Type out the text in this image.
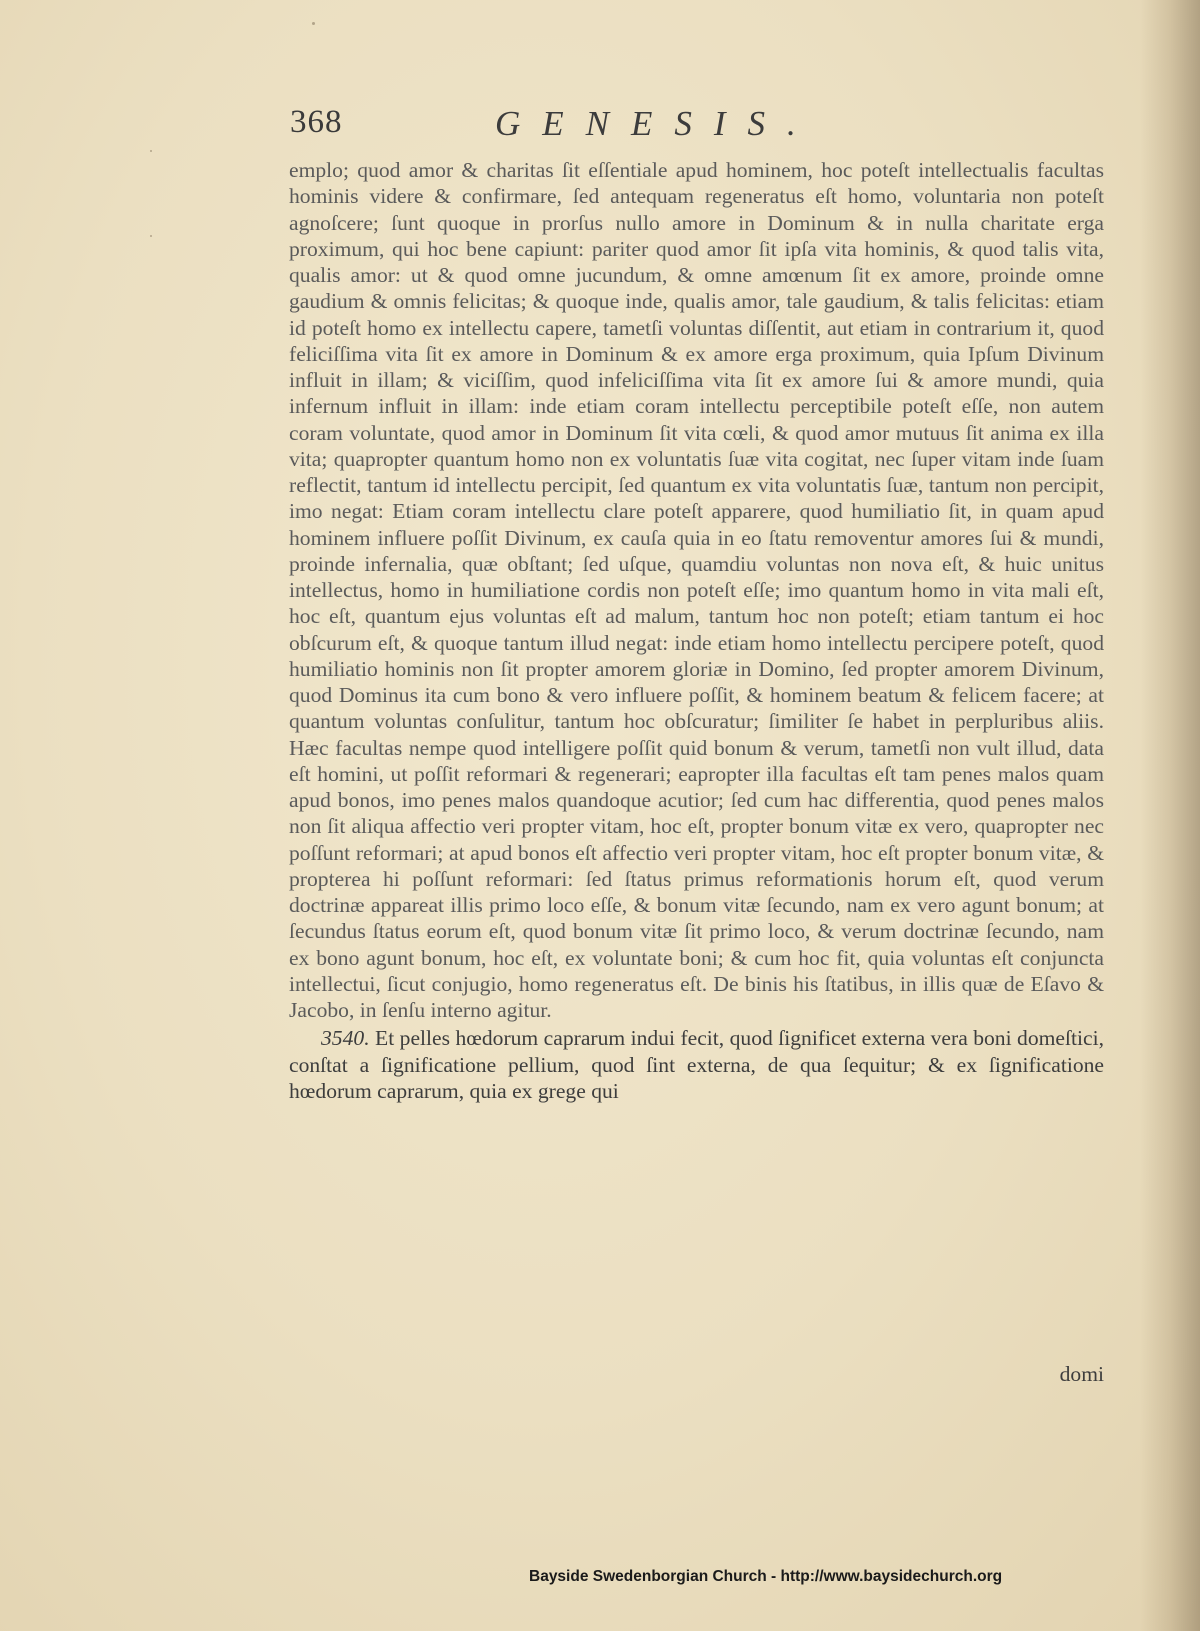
368	GENESIS.

emplo; quod amor & charitas ſit eſſentiale apud hominem, hoc poteſt intellectualis facultas hominis videre & confirmare, ſed antequam regeneratus eſt homo, voluntaria non poteſt agnoſcere; ſunt quoque in prorſus nullo amore in Dominum & in nulla charitate erga proximum, qui hoc bene capiunt: pariter quod amor ſit ipſa vita hominis, & quod talis vita, qualis amor: ut & quod omne jucundum, & omne amœnum ſit ex amore, proinde omne gaudium & omnis felicitas; & quoque inde, qualis amor, tale gaudium, & talis felicitas: etiam id poteſt homo ex intellectu capere, tametſi voluntas diſſentit, aut etiam in contrarium it, quod feliciſſima vita ſit ex amore in Dominum & ex amore erga proximum, quia Ipſum Divinum influit in illam; & viciſſim, quod infeliciſſima vita ſit ex amore ſui & amore mundi, quia infernum influit in illam: inde etiam coram intellectu perceptibile poteſt eſſe, non autem coram voluntate, quod amor in Dominum ſit vita cœli, & quod amor mutuus ſit anima ex illa vita; quapropter quantum homo non ex voluntatis ſuæ vita cogitat, nec ſuper vitam inde ſuam reflectit, tantum id intellectu percipit, ſed quantum ex vita voluntatis ſuæ, tantum non percipit, imo negat: Etiam coram intellectu clare poteſt apparere, quod humiliatio ſit, in quam apud hominem influere poſſit Divinum, ex cauſa quia in eo ſtatu removentur amores ſui & mundi, proinde infernalia, quæ obſtant; ſed uſque, quamdiu voluntas non nova eſt, & huic unitus intellectus, homo in humiliatione cordis non poteſt eſſe; imo quantum homo in vita mali eſt, hoc eſt, quantum ejus voluntas eſt ad malum, tantum hoc non poteſt; etiam tantum ei hoc obſcurum eſt, & quoque tantum illud negat: inde etiam homo intellectu percipere poteſt, quod humiliatio hominis non ſit propter amorem gloriæ in Domino, ſed propter amorem Divinum, quod Dominus ita cum bono & vero influere poſſit, & hominem beatum & felicem facere; at quantum voluntas conſulitur, tantum hoc obſcuratur; ſimiliter ſe habet in perpluribus aliis. Hæc facultas nempe quod intelligere poſſit quid bonum & verum, tametſi non vult illud, data eſt homini, ut poſſit reformari & regenerari; eapropter illa facultas eſt tam penes malos quam apud bonos, imo penes malos quandoque acutior; ſed cum hac differentia, quod penes malos non ſit aliqua affectio veri propter vitam, hoc eſt, propter bonum vitæ ex vero, quapropter nec poſſunt reformari; at apud bonos eſt affectio veri propter vitam, hoc eſt propter bonum vitæ, & propterea hi poſſunt reformari: ſed ſtatus primus reformationis horum eſt, quod verum doctrinæ appareat illis primo loco eſſe, & bonum vitæ ſecundo, nam ex vero agunt bonum; at ſecundus ſtatus eorum eſt, quod bonum vitæ ſit primo loco, & verum doctrinæ ſecundo, nam ex bono agunt bonum, hoc eſt, ex voluntate boni; & cum hoc fit, quia voluntas eſt conjuncta intellectui, ſicut conjugio, homo regeneratus eſt. De binis his ſtatibus, in illis quæ de Eſavo & Jacobo, in ſenſu interno agitur.

3540. Et pelles hœdorum caprarum indui fecit, quod ſignificet externa vera boni domeſtici, conſtat a ſignificatione pellium, quod ſint externa, de qua ſequitur; & ex ſignificatione hœdorum caprarum, quia ex grege qui

domi
Bayside Swedenborgian Church - http://www.baysidechurch.org
